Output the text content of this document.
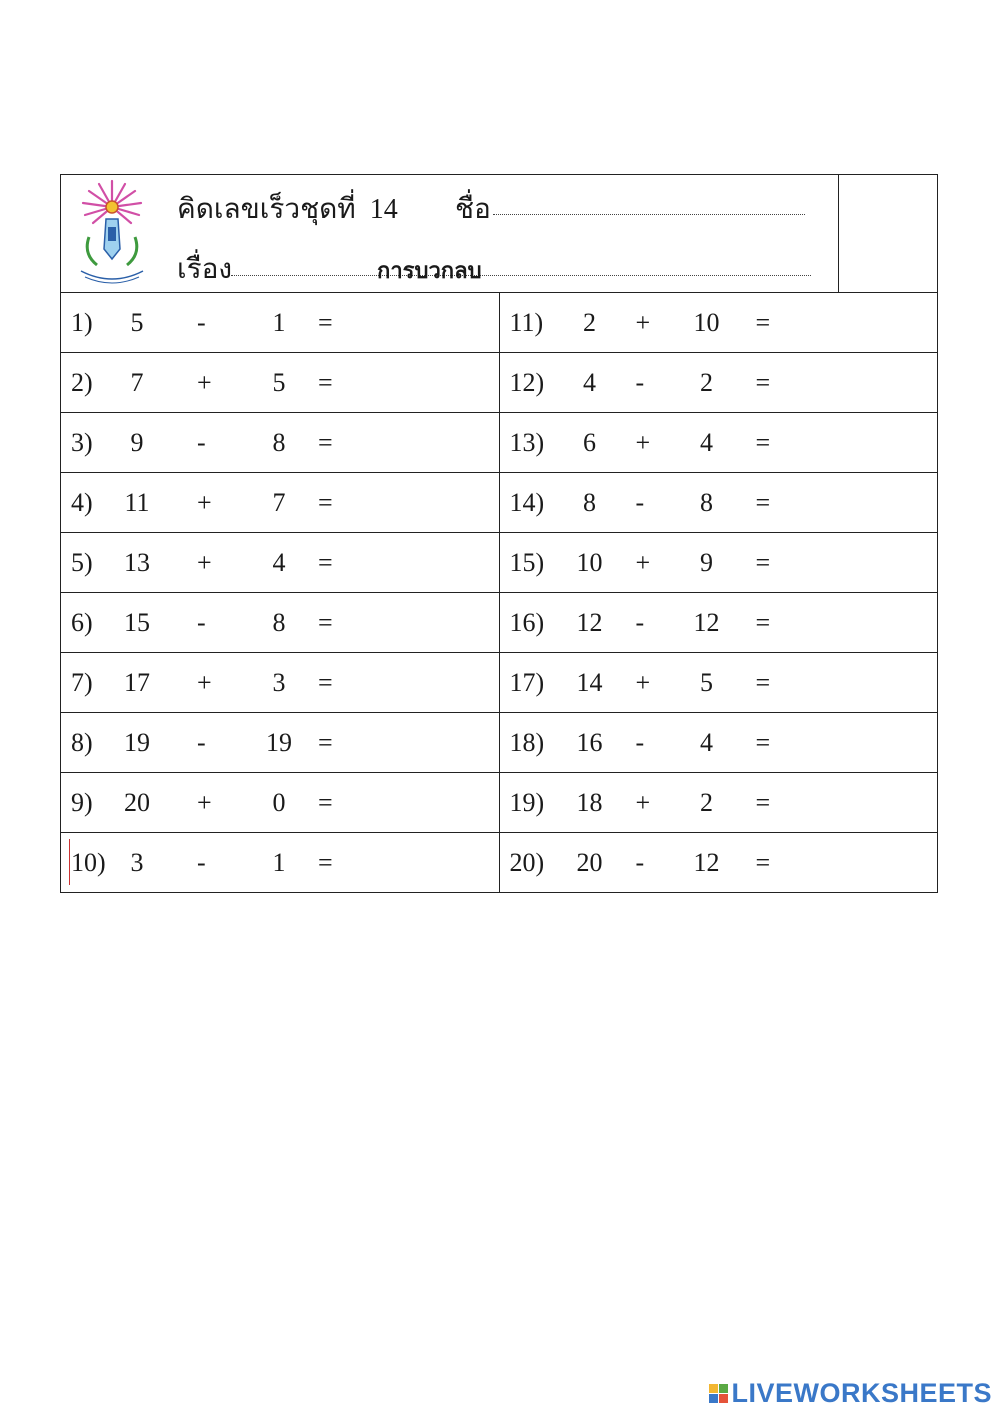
คิดเลขเร็วชุดที่ 14 ชื่อ
เรื่อง	การบวกลบ
1) 5 - 1 =	11) 2 + 10 =

2) 7 + 5 =	12) 4 - 2 =

3) 9 - 8 =	13) 6 + 4 =

4) 11 + 7 =	14) 8 - 8 =

5) 13 + 4 =	15) 10 + 9 =

6) 15 - 8 =	16) 12 - 12 =

7) 17 + 3 =	17) 14 + 5 =

8) 19 - 19 =	18) 16 - 4 =

9) 20 + 0 =	19) 18 + 2 =

10) 3 - 1 =	20) 20 - 12 =
LIVEWORKSHEETS
